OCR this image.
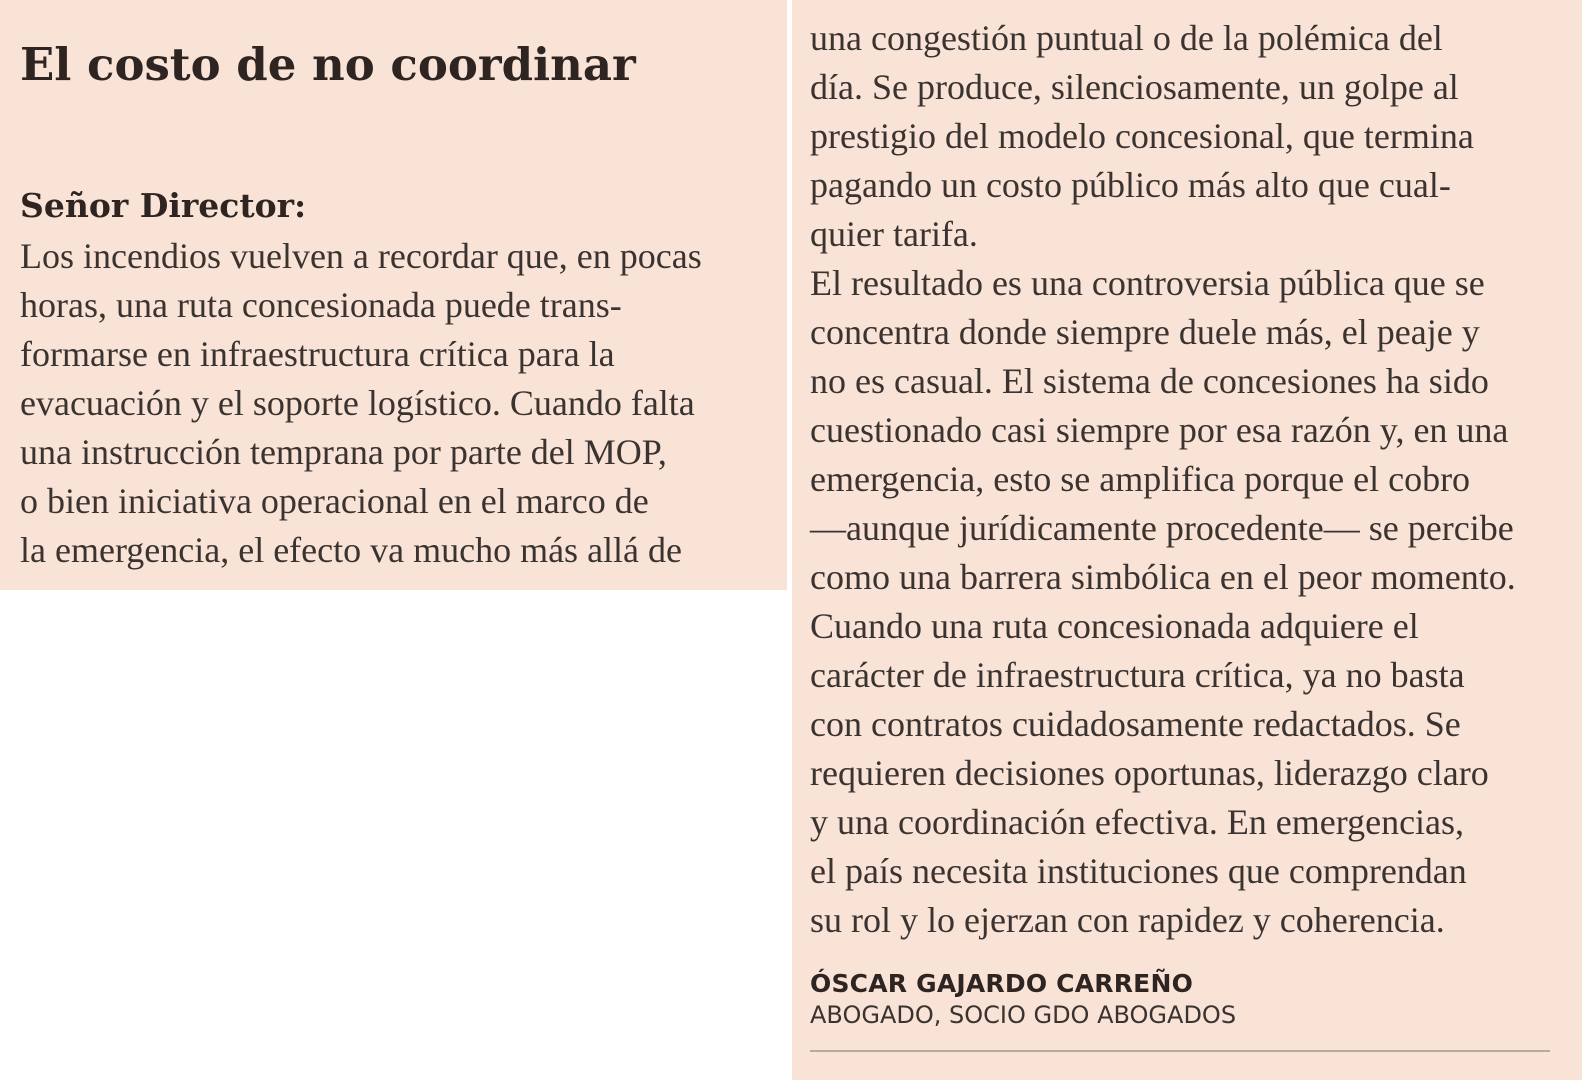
El costo de no coordinar

Señor Director:

Los incendios vuelven a recordar que, en pocas
horas, una ruta concesionada puede trans-
formarse en infraestructura crítica para la
evacuación y el soporte logístico. Cuando falta
una instrucción temprana por parte del MOP,
o bien iniciativa operacional en el marco de
la emergencia, el efecto va mucho más allá de
una congestión puntual o de la polémica del
día. Se produce, silenciosamente, un golpe al
prestigio del modelo concesional, que termina
pagando un costo público más alto que cual-
quier tarifa.
El resultado es una controversia pública que se
concentra donde siempre duele más, el peaje y
no es casual. El sistema de concesiones ha sido
cuestionado casi siempre por esa razón y, en una
emergencia, esto se amplifica porque el cobro
—aunque jurídicamente procedente— se percibe
como una barrera simbólica en el peor momento.
Cuando una ruta concesionada adquiere el
carácter de infraestructura crítica, ya no basta
con contratos cuidadosamente redactados. Se
requieren decisiones oportunas, liderazgo claro
y una coordinación efectiva. En emergencias,
el país necesita instituciones que comprendan
su rol y lo ejerzan con rapidez y coherencia.

ÓSCAR GAJARDO CARREÑO

ABOGADO, SOCIO GDO ABOGADOS
